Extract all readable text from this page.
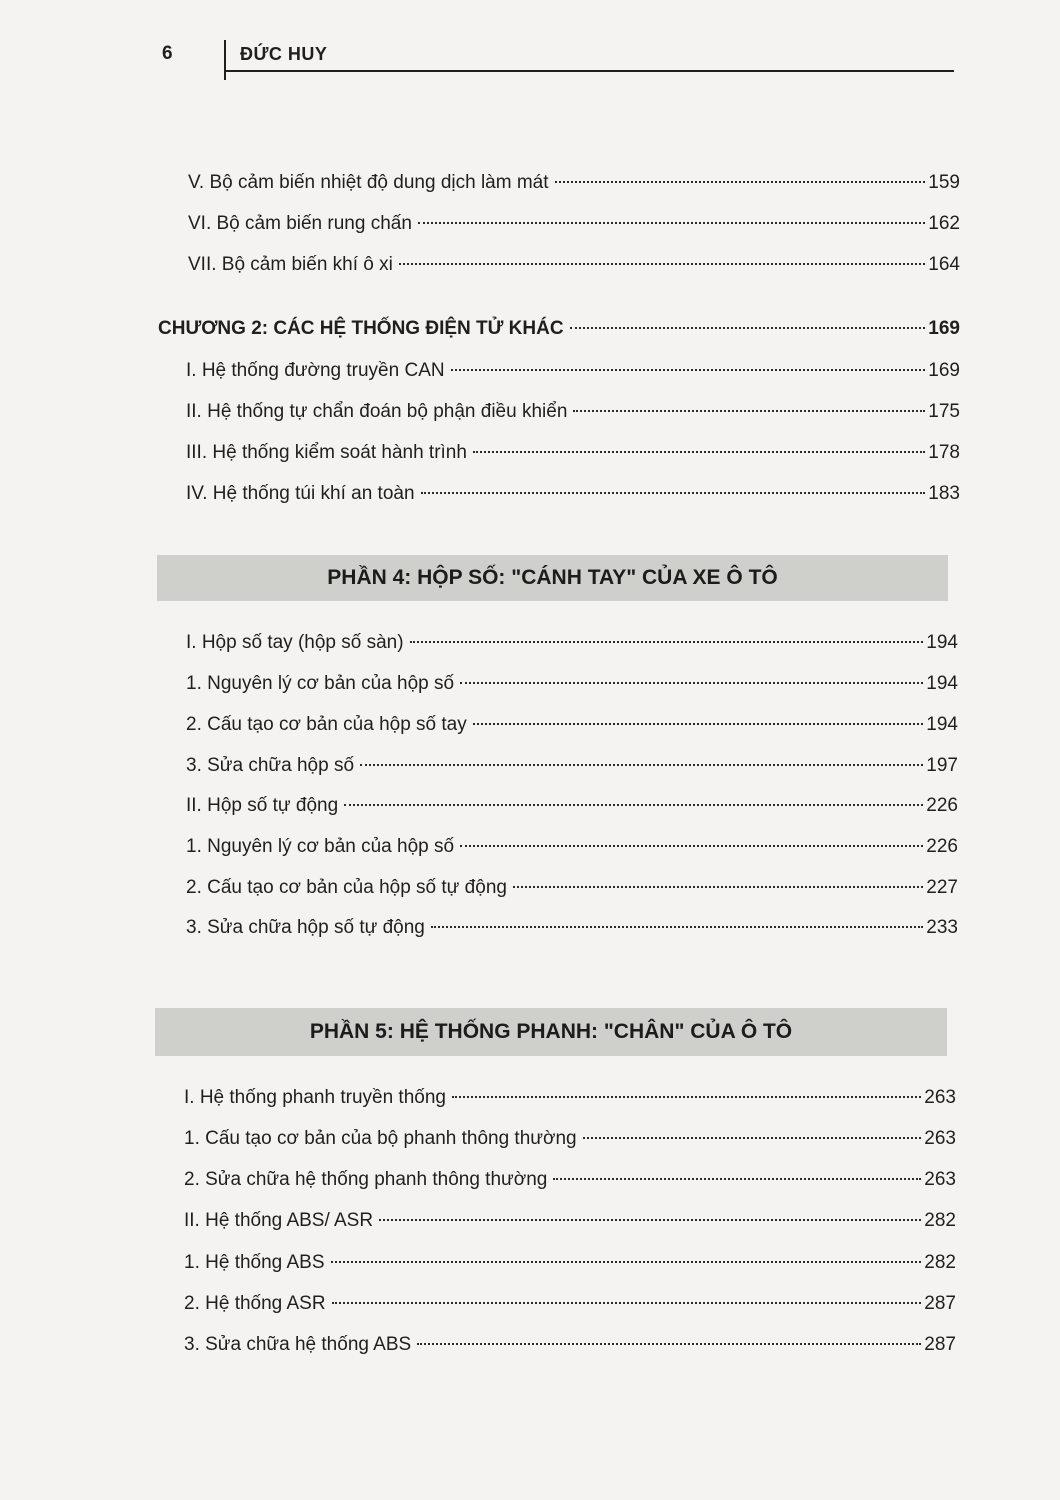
6	ĐỨC HUY
V. Bộ cảm biến nhiệt độ dung dịch làm mát	159
VI. Bộ cảm biến rung chấn	162
VII. Bộ cảm biến khí ô xi	164
CHƯƠNG 2: CÁC HỆ THỐNG ĐIỆN TỬ KHÁC	169
I. Hệ thống đường truyền CAN	169
II. Hệ thống tự chẩn đoán bộ phận điều khiển	175
III. Hệ thống kiểm soát hành trình	178
IV. Hệ thống túi khí an toàn	183
PHẦN 4: HỘP SỐ: "CÁNH TAY" CỦA XE Ô TÔ
I. Hộp số tay (hộp số sàn)	194
1. Nguyên lý cơ bản của hộp số	194
2. Cấu tạo cơ bản của hộp số tay	194
3. Sửa chữa hộp số	197
II. Hộp số tự động	226
1. Nguyên lý cơ bản của hộp số	226
2. Cấu tạo cơ bản của hộp số tự động	227
3. Sửa chữa hộp số tự động	233
PHẦN 5: HỆ THỐNG PHANH: "CHÂN" CỦA Ô TÔ
I. Hệ thống phanh truyền thống	263
1. Cấu tạo cơ bản của bộ phanh thông thường	263
2. Sửa chữa hệ thống phanh thông thường	263
II. Hệ thống ABS/ ASR	282
1. Hệ thống ABS	282
2. Hệ thống ASR	287
3. Sửa chữa hệ thống ABS	287
